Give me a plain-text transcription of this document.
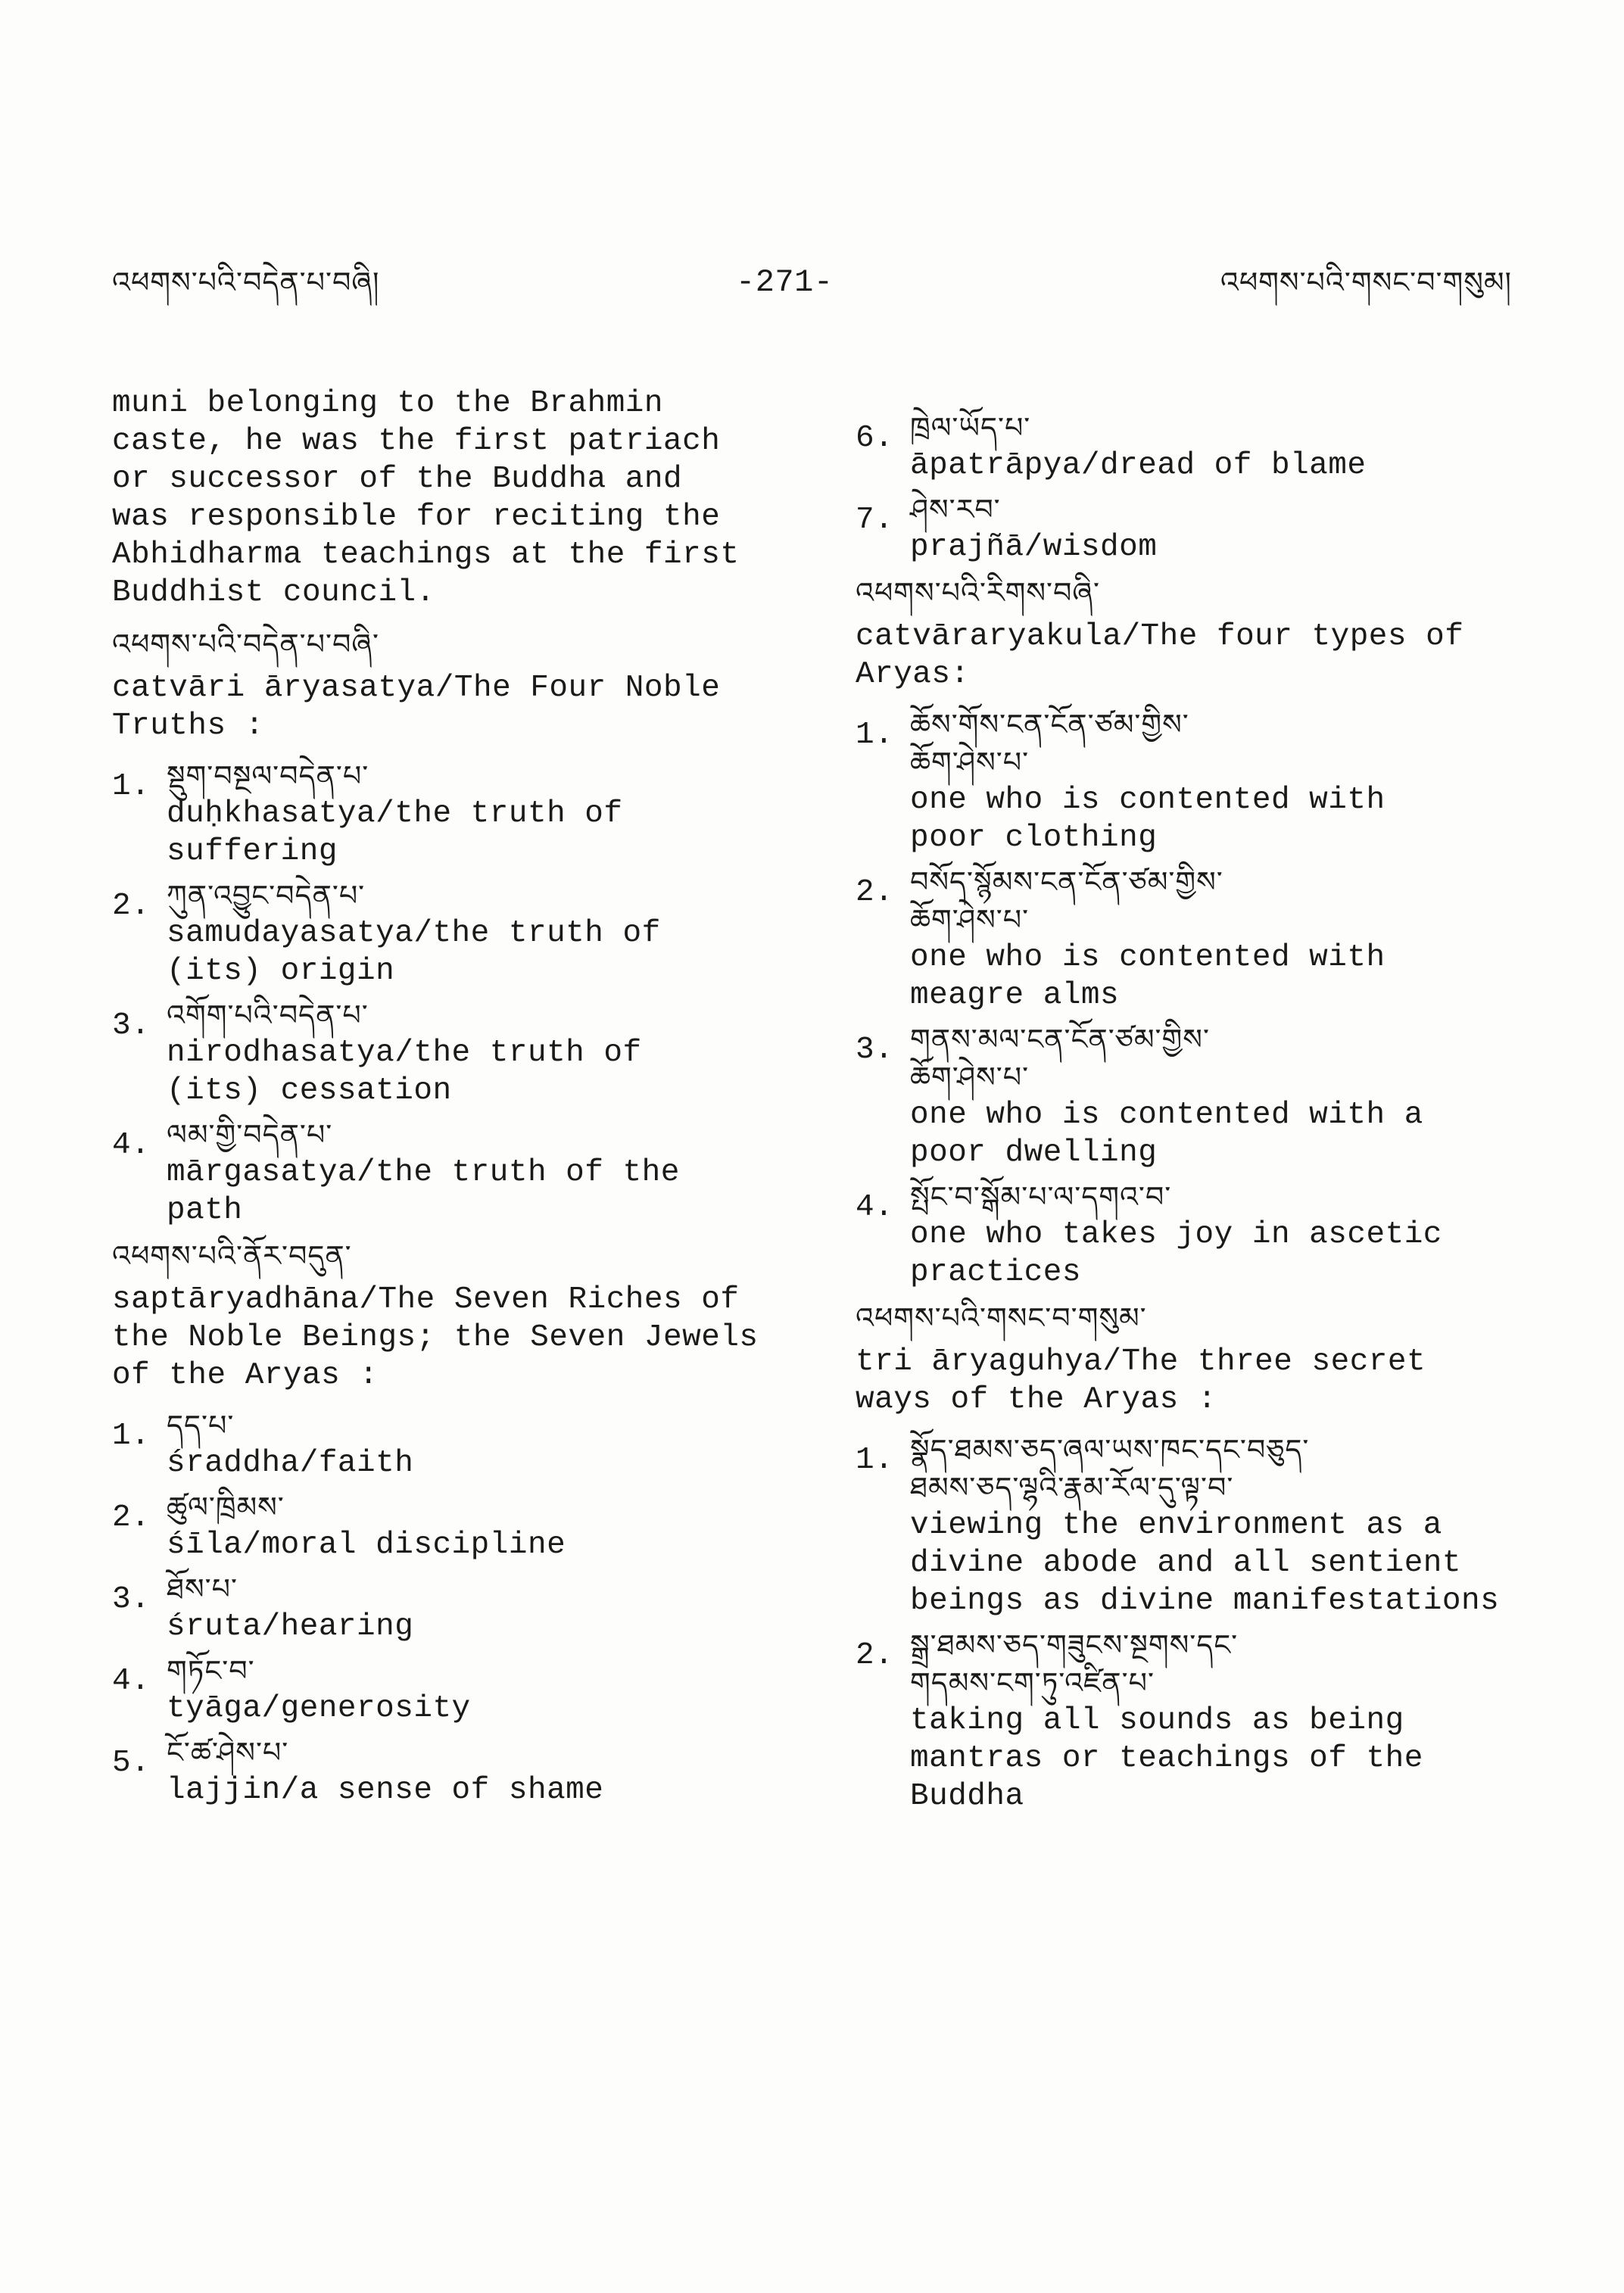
འཕགས་པའི་བདེན་པ་བཞི།	-271-	འཕགས་པའི་གསང་བ་གསུམ།

muni belonging to the Brahmin
caste, he was the first patriach
or successor of the Buddha and
was responsible for reciting the
Abhidharma teachings at the first
Buddhist council.

འཕགས་པའི་བདེན་པ་བཞི་
catvāri āryasatya/The Four Noble
Truths :
1. སྡུག་བསྔལ་བདེན་པ་
duḥkhasatya/the truth of
suffering
2. ཀུན་འབྱུང་བདེན་པ་
samudayasatya/the truth of
(its) origin
3. འགོག་པའི་བདེན་པ་
nirodhasatya/the truth of
(its) cessation
4. ལམ་གྱི་བདེན་པ་
mārgasatya/the truth of the
path
འཕགས་པའི་ནོར་བདུན་
saptāryadhāna/The Seven Riches of
the Noble Beings; the Seven Jewels
of the Aryas :
1. དད་པ་
śraddha/faith
2. ཚུལ་ཁྲིམས་
śīla/moral discipline
3. ཐོས་པ་
śruta/hearing
4. གཏོང་བ་
tyāga/generosity
5. ངོ་ཚ་ཤེས་པ་
lajjin/a sense of shame
6. ཁྲེལ་ཡོད་པ་
āpatrāpya/dread of blame
7. ཤེས་རབ་
prajñā/wisdom
འཕགས་པའི་རིགས་བཞི་
catvāraryakula/The four types of
Aryas:
1. ཆོས་གོས་ངན་ངོན་ཙམ་གྱིས་
ཆོག་ཤེས་པ་
one who is contented with
poor clothing
2. བསོད་སྙོམས་ངན་ངོན་ཙམ་གྱིས་
ཆོག་ཤེས་པ་
one who is contented with
meagre alms
3. གནས་མལ་ངན་ངོན་ཙམ་གྱིས་
ཆོག་ཤེས་པ་
one who is contented with a
poor dwelling
4. སྤོང་བ་སྒོམ་པ་ལ་དགའ་བ་
one who takes joy in ascetic
practices
འཕགས་པའི་གསང་བ་གསུམ་
tri āryaguhya/The three secret
ways of the Aryas :
1. སྣོད་ཐམས་ཅད་ཞལ་ཡས་ཁང་དང་བཅུད་
ཐམས་ཅད་ལྷའི་རྣམ་རོལ་དུ་ལྟ་བ་
viewing the environment as a
divine abode and all sentient
beings as divine manifestations
2. སྒྲ་ཐམས་ཅད་གཟུངས་སྔགས་དང་
གདམས་ངག་ཏུ་འཛིན་པ་
taking all sounds as being
mantras or teachings of the
Buddha
